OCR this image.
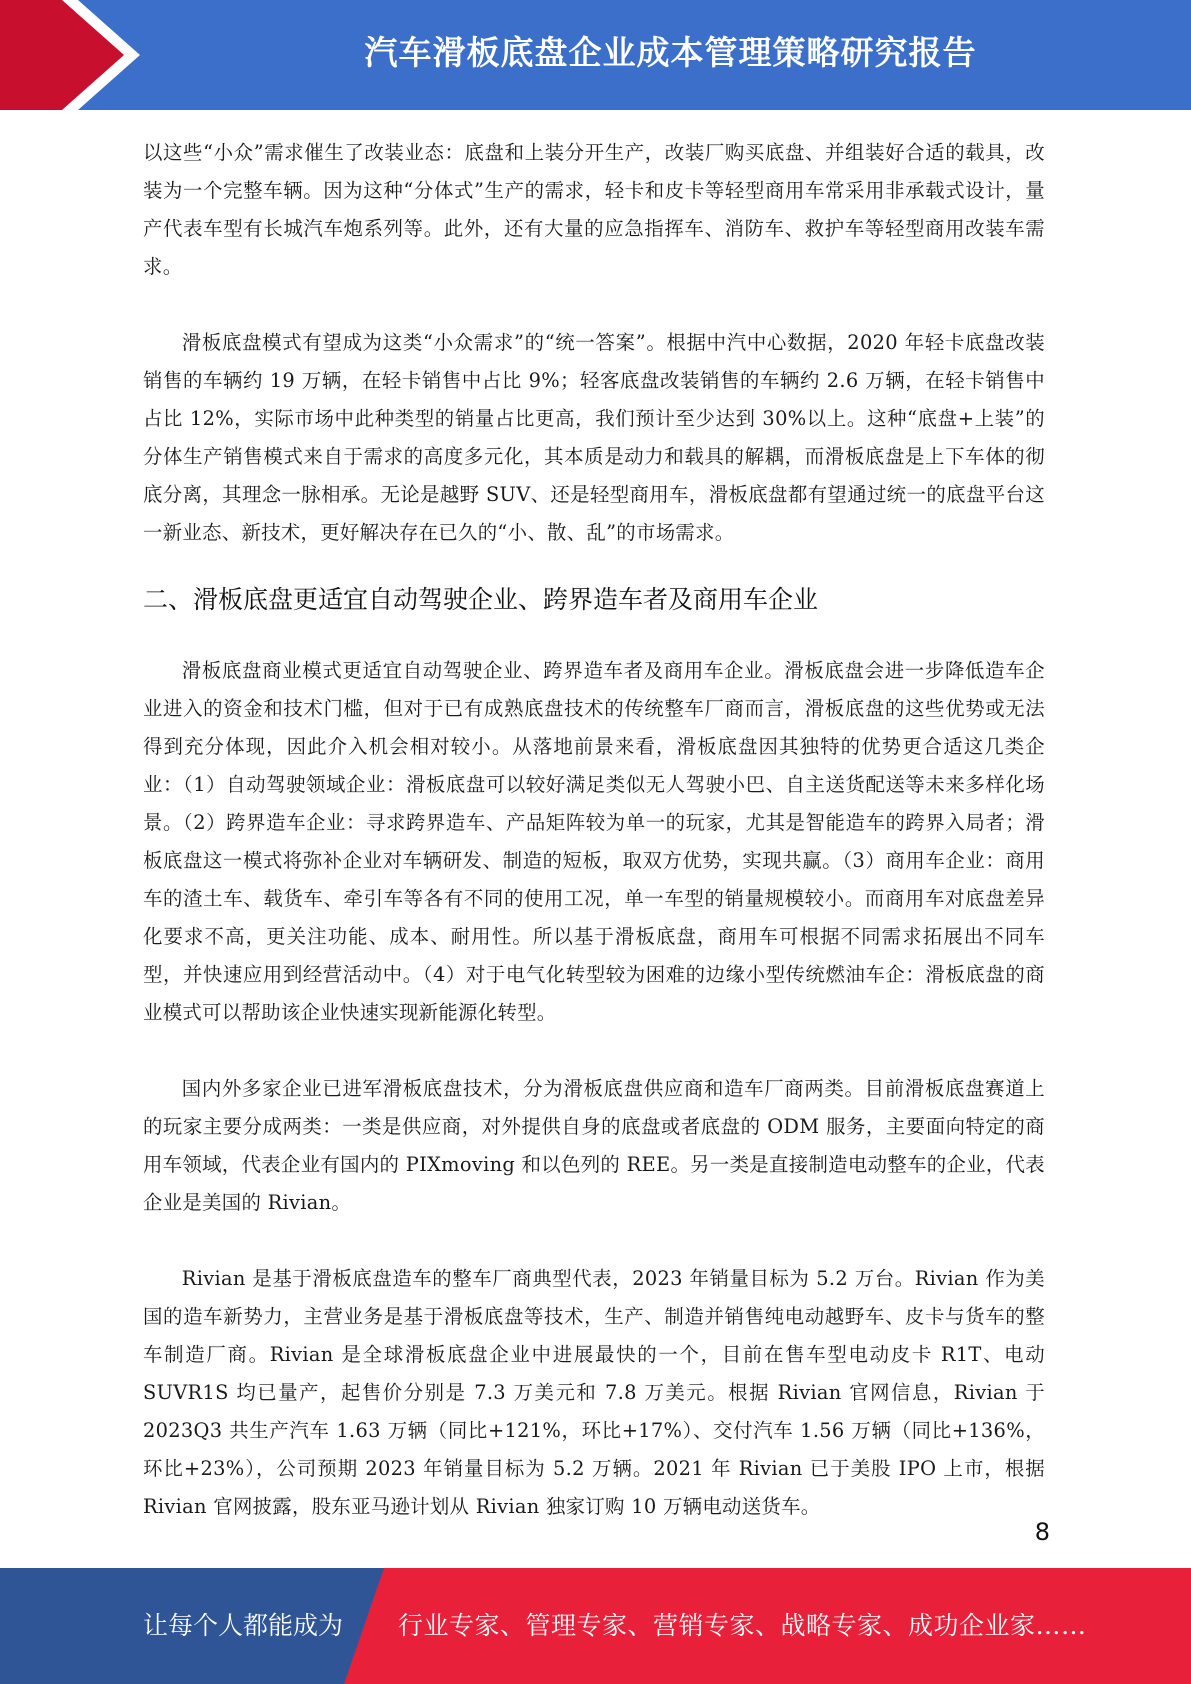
汽车滑板底盘企业成本管理策略研究报告

以这些“小众”需求催生了改装业态：底盘和上装分开生产，改装厂购买底盘、并组装好合适的载具，改装为一个完整车辆。因为这种“分体式”生产的需求，轻卡和皮卡等轻型商用车常采用非承载式设计，量产代表车型有长城汽车炮系列等。此外，还有大量的应急指挥车、消防车、救护车等轻型商用改装车需求。

滑板底盘模式有望成为这类“小众需求”的“统一答案”。根据中汽中心数据，2020 年轻卡底盘改装销售的车辆约 19 万辆，在轻卡销售中占比 9%；轻客底盘改装销售的车辆约 2.6 万辆，在轻卡销售中占比 12%，实际市场中此种类型的销量占比更高，我们预计至少达到 30%以上。这种“底盘+上装”的分体生产销售模式来自于需求的高度多元化，其本质是动力和载具的解耦，而滑板底盘是上下车体的彻底分离，其理念一脉相承。无论是越野 SUV、还是轻型商用车，滑板底盘都有望通过统一的底盘平台这一新业态、新技术，更好解决存在已久的“小、散、乱”的市场需求。

二、滑板底盘更适宜自动驾驶企业、跨界造车者及商用车企业

滑板底盘商业模式更适宜自动驾驶企业、跨界造车者及商用车企业。滑板底盘会进一步降低造车企业进入的资金和技术门槛，但对于已有成熟底盘技术的传统整车厂商而言，滑板底盘的这些优势或无法得到充分体现，因此介入机会相对较小。从落地前景来看，滑板底盘因其独特的优势更合适这几类企业：（1）自动驾驶领域企业：滑板底盘可以较好满足类似无人驾驶小巴、自主送货配送等未来多样化场景。（2）跨界造车企业：寻求跨界造车、产品矩阵较为单一的玩家，尤其是智能造车的跨界入局者；滑板底盘这一模式将弥补企业对车辆研发、制造的短板，取双方优势，实现共赢。（3）商用车企业：商用车的渣土车、载货车、牵引车等各有不同的使用工况，单一车型的销量规模较小。而商用车对底盘差异化要求不高，更关注功能、成本、耐用性。所以基于滑板底盘，商用车可根据不同需求拓展出不同车型，并快速应用到经营活动中。（4）对于电气化转型较为困难的边缘小型传统燃油车企：滑板底盘的商业模式可以帮助该企业快速实现新能源化转型。

国内外多家企业已进军滑板底盘技术，分为滑板底盘供应商和造车厂商两类。目前滑板底盘赛道上的玩家主要分成两类：一类是供应商，对外提供自身的底盘或者底盘的 ODM 服务，主要面向特定的商用车领域，代表企业有国内的 PIXmoving 和以色列的 REE。另一类是直接制造电动整车的企业，代表企业是美国的 Rivian。

Rivian 是基于滑板底盘造车的整车厂商典型代表，2023 年销量目标为 5.2 万台。Rivian 作为美国的造车新势力，主营业务是基于滑板底盘等技术，生产、制造并销售纯电动越野车、皮卡与货车的整车制造厂商。Rivian 是全球滑板底盘企业中进展最快的一个，目前在售车型电动皮卡 R1T、电动 SUVR1S 均已量产，起售价分别是 7.3 万美元和 7.8 万美元。根据 Rivian 官网信息，Rivian 于 2023Q3 共生产汽车 1.63 万辆（同比+121%，环比+17%）、交付汽车 1.56 万辆（同比+136%，环比+23%），公司预期 2023 年销量目标为 5.2 万辆。2021 年 Rivian 已于美股 IPO 上市，根据 Rivian 官网披露，股东亚马逊计划从 Rivian 独家订购 10 万辆电动送货车。

8
让每个人都能成为 行业专家、管理专家、营销专家、战略专家、成功企业家……
